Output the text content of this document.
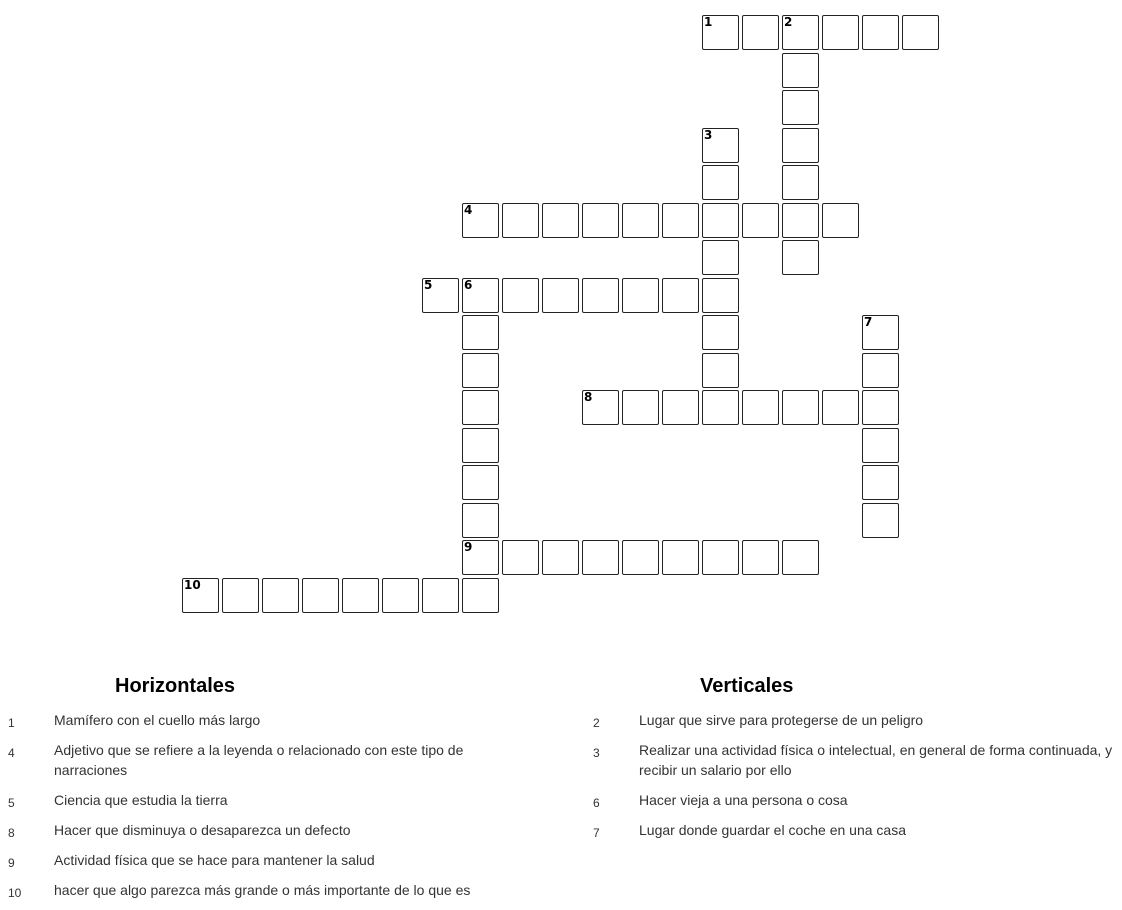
1	2
3
4
5	6
9
7
8
10
Horizontales	Verticales
1	Mamífero con el cuello más largo
4	Adjetivo que se refiere a la leyenda o relacionado con este tipo de narraciones
5	Ciencia que estudia la tierra
8	Hacer que disminuya o desaparezca un defecto
9	Actividad física que se hace para mantener la salud
10	hacer que algo parezca más grande o más importante de lo que es
2	Lugar que sirve para protegerse de un peligro
3	Realizar una actividad física o intelectual, en general de forma continuada, y recibir un salario por ello
6	Hacer vieja a una persona o cosa
7	Lugar donde guardar el coche en una casa
